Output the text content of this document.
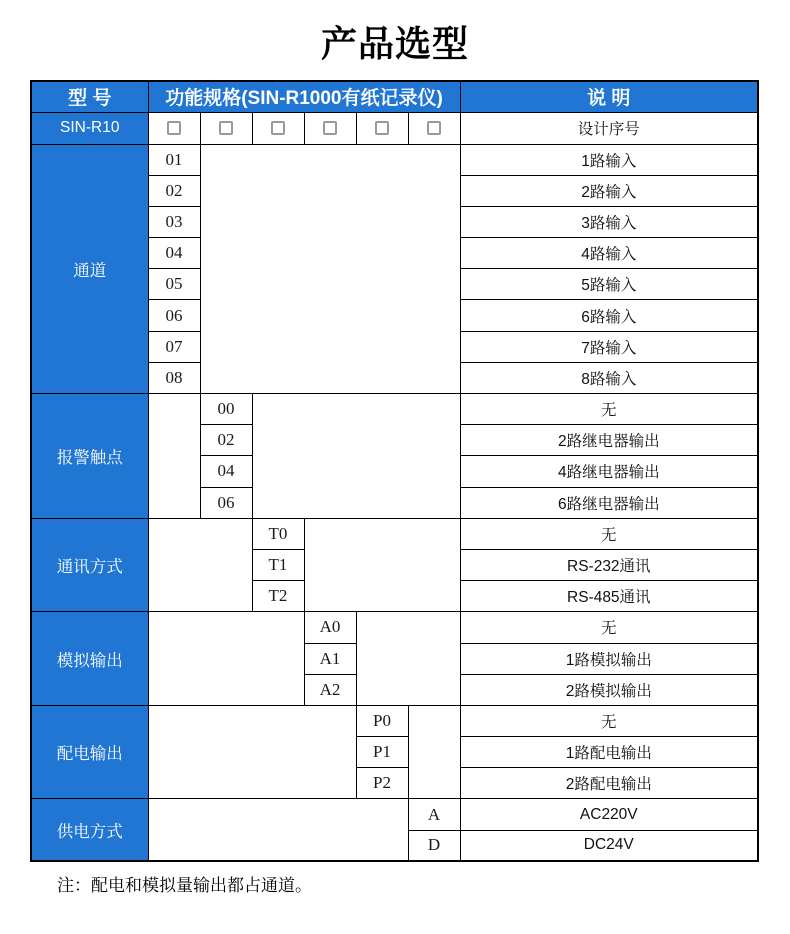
产品选型
型 号	功能规格(SIN-R1000有纸记录仪)						说 明
SIN-R10							设计序号
通道	01						1路输入
	02						2路输入
	03						3路输入
	04						4路输入
	05						5路输入
	06						6路输入
	07						7路输入
	08						8路输入
报警触点		00					无
		02					2路继电器输出
		04					4路继电器输出
		06					6路继电器输出
通讯方式			T0				无
			T1				RS-232通讯
			T2				RS-485通讯
模拟输出				A0			无
				A1			1路模拟输出
				A2			2路模拟输出
配电输出					P0		无
					P1		1路配电输出
					P2		2路配电输出
供电方式						A	AC220V
						D	DC24V

注：配电和模拟量输出都占通道。
